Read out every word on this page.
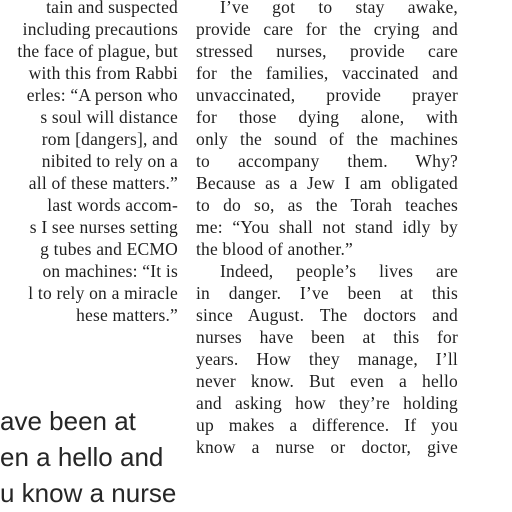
tain and suspected
including precautions
the face of plague, but
with this from Rabbi
erles: “A person who
s soul will distance
rom [dangers], and
nibited to rely on a
all of these matters.”
last words accom-
s I see nurses setting
g tubes and ECMO
on machines: “It is
l to rely on a miracle
hese matters.”
ave been at
en a hello and
u know a nurse
I’ve got to stay awake,
provide care for the crying and
stressed nurses, provide care
for the families, vaccinated and
unvaccinated, provide prayer
for those dying alone, with
only the sound of the machines
to accompany them. Why?
Because as a Jew I am obligated
to do so, as the Torah teaches
me: “You shall not stand idly by
the blood of another.”
Indeed, people’s lives are
in danger. I’ve been at this
since August. The doctors and
nurses have been at this for
years. How they manage, I’ll
never know. But even a hello
and asking how they’re holding
up makes a difference. If you
know a nurse or doctor, give
